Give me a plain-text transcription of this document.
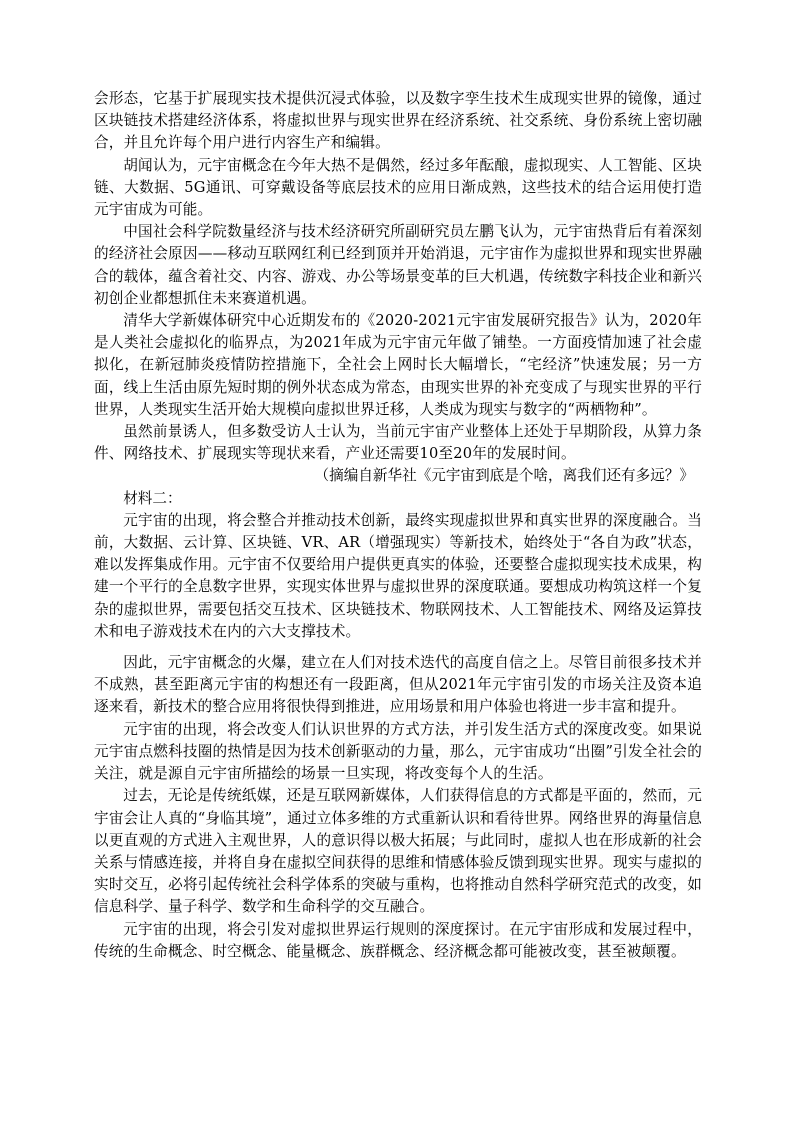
会形态，它基于扩展现实技术提供沉浸式体验，以及数字孪生技术生成现实世界的镜像，通过区块链技术搭建经济体系，将虚拟世界与现实世界在经济系统、社交系统、身份系统上密切融合，并且允许每个用户进行内容生产和编辑。

胡闻认为，元宇宙概念在今年大热不是偶然，经过多年酝酿，虚拟现实、人工智能、区块链、大数据、5G通讯、可穿戴设备等底层技术的应用日渐成熟，这些技术的结合运用使打造元宇宙成为可能。

中国社会科学院数量经济与技术经济研究所副研究员左鹏飞认为，元宇宙热背后有着深刻的经济社会原因——移动互联网红利已经到顶并开始消退，元宇宙作为虚拟世界和现实世界融合的载体，蕴含着社交、内容、游戏、办公等场景变革的巨大机遇，传统数字科技企业和新兴初创企业都想抓住未来赛道机遇。

清华大学新媒体研究中心近期发布的《2020-2021元宇宙发展研究报告》认为，2020年是人类社会虚拟化的临界点，为2021年成为元宇宙元年做了铺垫。一方面疫情加速了社会虚拟化，在新冠肺炎疫情防控措施下，全社会上网时长大幅增长，“宅经济”快速发展；另一方面，线上生活由原先短时期的例外状态成为常态，由现实世界的补充变成了与现实世界的平行世界，人类现实生活开始大规模向虚拟世界迁移，人类成为现实与数字的“两栖物种”。

虽然前景诱人，但多数受访人士认为，当前元宇宙产业整体上还处于早期阶段，从算力条件、网络技术、扩展现实等现状来看，产业还需要10至20年的发展时间。

（摘编自新华社《元宇宙到底是个啥，离我们还有多远？》

材料二：

元宇宙的出现，将会整合并推动技术创新，最终实现虚拟世界和真实世界的深度融合。当前，大数据、云计算、区块链、VR、AR（增强现实）等新技术，始终处于“各自为政”状态，难以发挥集成作用。元宇宙不仅要给用户提供更真实的体验，还要整合虚拟现实技术成果，构建一个平行的全息数字世界，实现实体世界与虚拟世界的深度联通。要想成功构筑这样一个复杂的虚拟世界，需要包括交互技术、区块链技术、物联网技术、人工智能技术、网络及运算技术和电子游戏技术在内的六大支撑技术。

因此，元宇宙概念的火爆，建立在人们对技术迭代的高度自信之上。尽管目前很多技术并不成熟，甚至距离元宇宙的构想还有一段距离，但从2021年元宇宙引发的市场关注及资本追逐来看，新技术的整合应用将很快得到推进，应用场景和用户体验也将进一步丰富和提升。

元宇宙的出现，将会改变人们认识世界的方式方法，并引发生活方式的深度改变。如果说元宇宙点燃科技圈的热情是因为技术创新驱动的力量，那么，元宇宙成功“出圈”引发全社会的关注，就是源自元宇宙所描绘的场景一旦实现，将改变每个人的生活。

过去，无论是传统纸媒，还是互联网新媒体，人们获得信息的方式都是平面的，然而，元宇宙会让人真的“身临其境”，通过立体多维的方式重新认识和看待世界。网络世界的海量信息以更直观的方式进入主观世界，人的意识得以极大拓展；与此同时，虚拟人也在形成新的社会关系与情感连接，并将自身在虚拟空间获得的思维和情感体验反馈到现实世界。现实与虚拟的实时交互，必将引起传统社会科学体系的突破与重构，也将推动自然科学研究范式的改变，如信息科学、量子科学、数学和生命科学的交互融合。

元宇宙的出现，将会引发对虚拟世界运行规则的深度探讨。在元宇宙形成和发展过程中，传统的生命概念、时空概念、能量概念、族群概念、经济概念都可能被改变，甚至被颠覆。
